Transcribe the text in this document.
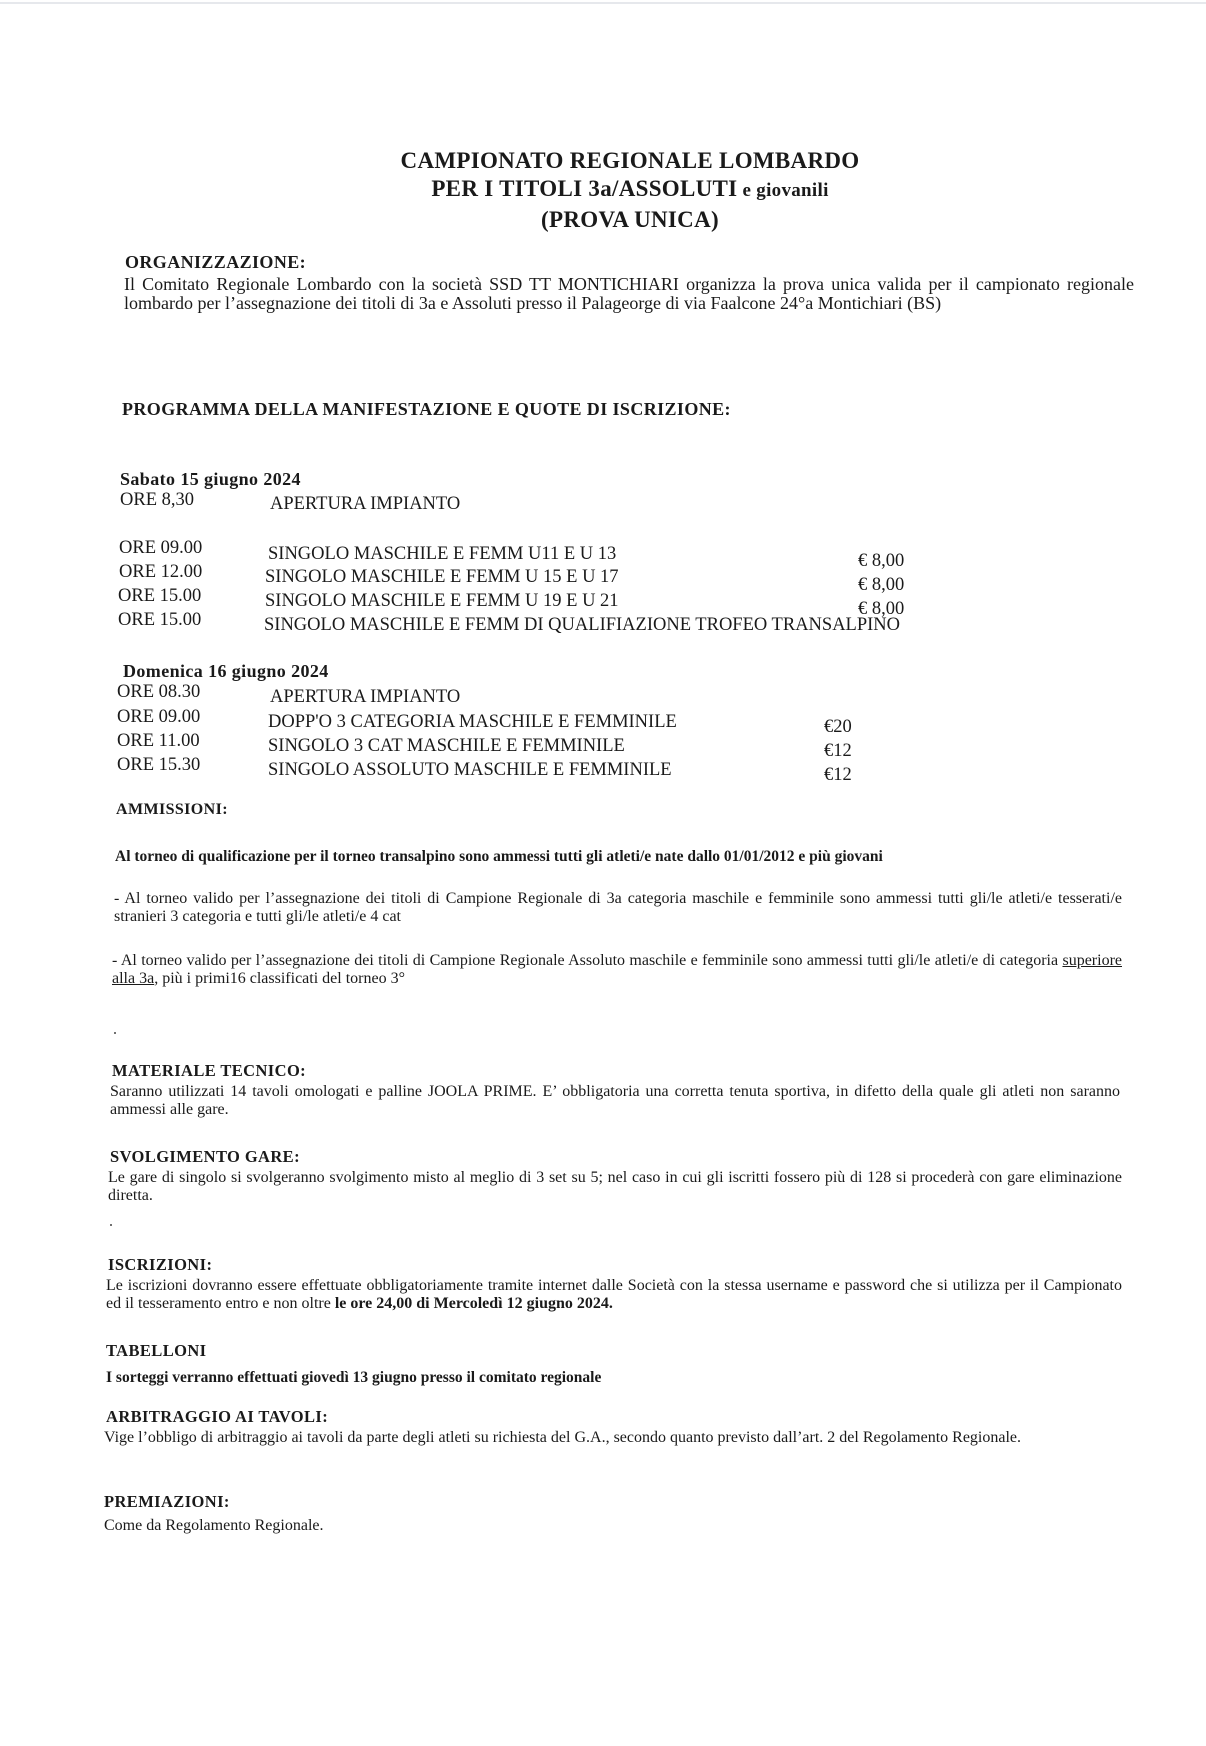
CAMPIONATO REGIONALE LOMBARDO
PER I TITOLI 3a/ASSOLUTI e giovanili
(PROVA UNICA)
ORGANIZZAZIONE:
Il Comitato Regionale Lombardo con la società SSD TT MONTICHIARI organizza la prova unica valida per il campionato regionale lombardo per l’assegnazione dei titoli di 3a e Assoluti presso il Palageorge di via Faalcone 24°a Montichiari (BS)
PROGRAMMA DELLA MANIFESTAZIONE E QUOTE DI ISCRIZIONE:
Sabato 15 giugno 2024
ORE 8,30	APERTURA IMPIANTO
ORE 09.00	SINGOLO MASCHILE E FEMM U11 E U 13	€ 8,00
ORE 12.00	SINGOLO MASCHILE E FEMM U 15 E U 17	€ 8,00
ORE 15.00	SINGOLO MASCHILE E FEMM U 19 E U 21	€ 8,00
ORE 15.00	SINGOLO MASCHILE E FEMM DI QUALIFIAZIONE TROFEO TRANSALPINO
Domenica 16 giugno 2024
ORE 08.30	APERTURA IMPIANTO
ORE 09.00	DOPP'O 3 CATEGORIA MASCHILE E FEMMINILE	€20
ORE 11.00	SINGOLO 3 CAT MASCHILE E FEMMINILE	€12
ORE 15.30	SINGOLO ASSOLUTO MASCHILE E FEMMINILE	€12
AMMISSIONI:
Al torneo di qualificazione per il torneo transalpino sono ammessi tutti gli atleti/e nate dallo 01/01/2012 e più giovani
- Al torneo valido per l’assegnazione dei titoli di Campione Regionale di 3a categoria maschile e femminile sono ammessi tutti gli/le atleti/e tesserati/e stranieri 3 categoria e tutti gli/le atleti/e 4 cat
- Al torneo valido per l’assegnazione dei titoli di Campione Regionale Assoluto maschile e femminile sono ammessi tutti gli/le atleti/e di categoria superiore alla 3a, più i primi16 classificati del torneo 3°
MATERIALE TECNICO:
Saranno utilizzati 14 tavoli omologati e palline JOOLA PRIME. E’ obbligatoria una corretta tenuta sportiva, in difetto della quale gli atleti non saranno ammessi alle gare.
SVOLGIMENTO GARE:
Le gare di singolo si svolgeranno svolgimento misto al meglio di 3 set su 5; nel caso in cui gli iscritti fossero più di 128 si procederà con gare eliminazione diretta.
ISCRIZIONI:
Le iscrizioni dovranno essere effettuate obbligatoriamente tramite internet dalle Società con la stessa username e password che si utilizza per il Campionato ed il tesseramento entro e non oltre le ore 24,00 di Mercoledì 12 giugno 2024.
TABELLONI
I sorteggi verranno effettuati giovedì 13 giugno presso il comitato regionale
ARBITRAGGIO AI TAVOLI:
Vige l’obbligo di arbitraggio ai tavoli da parte degli atleti su richiesta del G.A., secondo quanto previsto dall’art. 2 del Regolamento Regionale.
PREMIAZIONI:
Come da Regolamento Regionale.
